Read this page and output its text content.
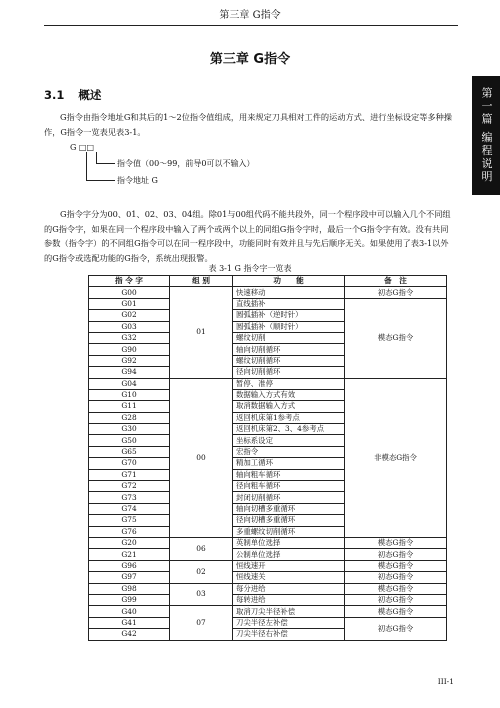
第三章 G指令
第三章 G指令
第一篇 编程说明
3.1 概述

G指令由指令地址G和其后的1～2位指令值组成，用来规定刀具相对工件的运动方式、进行坐标设定等多种操作，G指令一览表见表3-1。

G □□
指令值（00～99，前导0可以不输入）
指令地址 G

G指令字分为00、01、02、03、04组。除01与00组代码不能共段外，同一个程序段中可以输入几个不同组的G指令字，如果在同一个程序段中输入了两个或两个以上的同组G指令字时，最后一个G指令字有效。没有共同参数（指令字）的不同组G指令可以在同一程序段中，功能同时有效并且与先后顺序无关。如果使用了表3-1以外的G指令或选配功能的G指令，系统出现报警。

表 3-1 G 指令字一览表
指 令 字	组 别	功　　能	备　注
G00	01	快速移动	初态G指令
G01		直线插补	模态G指令
G02		圆弧插补（逆时针）	
G03		圆弧插补（顺时针）	
G32		螺纹切削	
G90		轴向切削循环	
G92		螺纹切削循环	
G94		径向切削循环	
G04	00	暂停、准停	非模态G指令
G10		数据输入方式有效	
G11		取消数据输入方式	
G28		返回机床第1参考点	
G30		返回机床第2、3、4参考点	
G50		坐标系设定	
G65		宏指令	
G70		精加工循环	
G71		轴向粗车循环	
G72		径向粗车循环	
G73		封闭切削循环	
G74		轴向切槽多重循环	
G75		径向切槽多重循环	
G76		多重螺纹切削循环	
G20	06	英制单位选择	模态G指令
G21		公制单位选择	初态G指令
G96	02	恒线速开	模态G指令
G97		恒线速关	初态G指令
G98	03	每分进给	模态G指令
G99		每转进给	初态G指令
G40	07	取消刀尖半径补偿	模态G指令
G41		刀尖半径左补偿	初态G指令
G42		刀尖半径右补偿	
III-1
